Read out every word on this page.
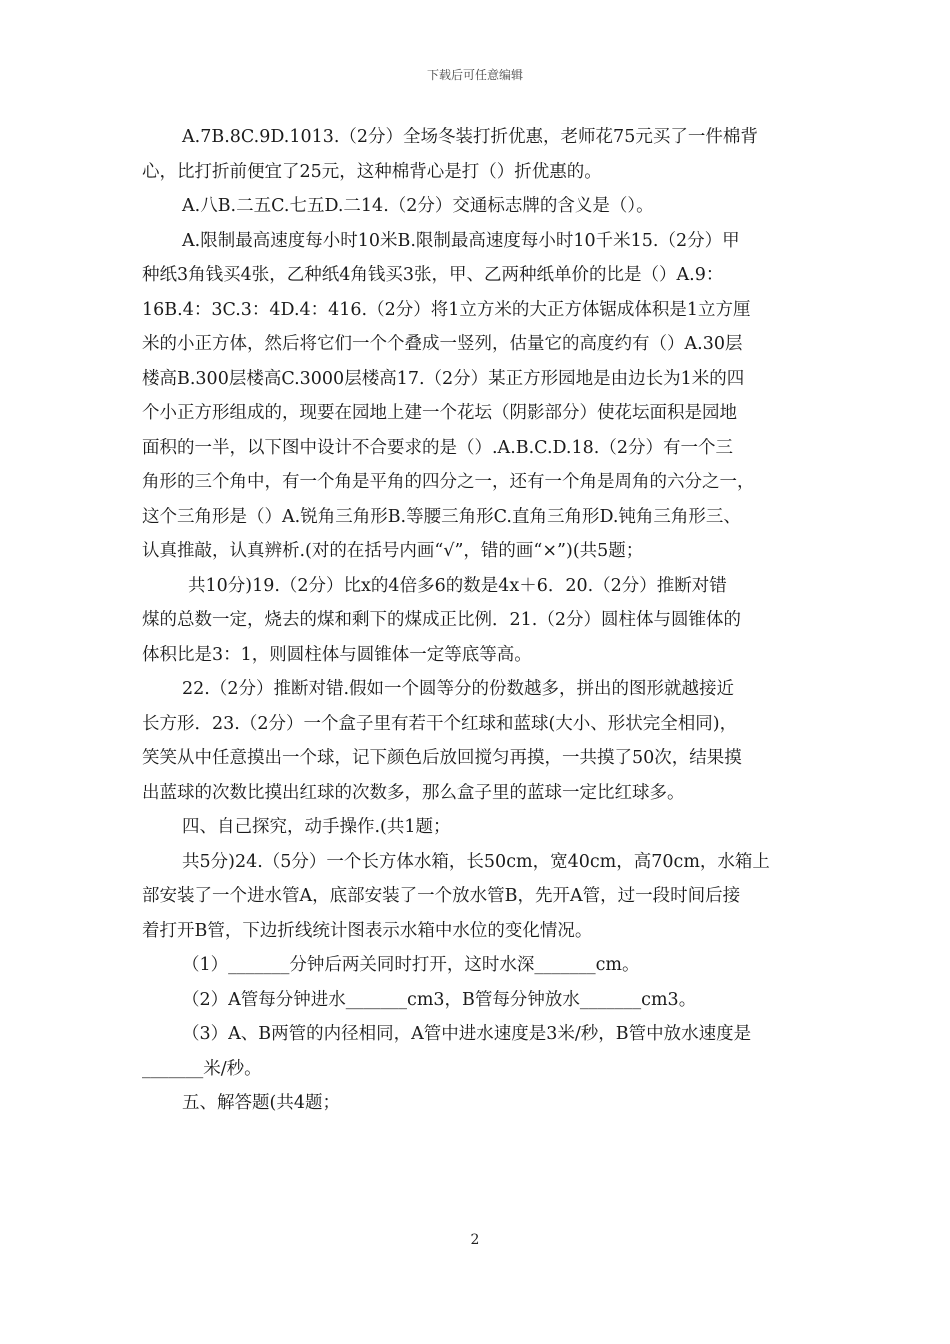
下载后可任意编辑
A.7B.8C.9D.1013.（2分）全场冬装打折优惠，老师花75元买了一件棉背
心，比打折前便宜了25元，这种棉背心是打（）折优惠的。
A.八B.二五C.七五D.二14.（2分）交通标志牌的含义是（）。
A.限制最高速度每小时10米B.限制最高速度每小时10千米15.（2分）甲
种纸3角钱买4张，乙种纸4角钱买3张，甲、乙两种纸单价的比是（）A.9：
16B.4：3C.3：4D.4：416.（2分）将1立方米的大正方体锯成体积是1立方厘
米的小正方体，然后将它们一个个叠成一竖列，估量它的高度约有（）A.30层
楼高B.300层楼高C.3000层楼高17.（2分）某正方形园地是由边长为1米的四
个小正方形组成的，现要在园地上建一个花坛（阴影部分）使花坛面积是园地
面积的一半，以下图中设计不合要求的是（）.A.B.C.D.18.（2分）有一个三
角形的三个角中，有一个角是平角的四分之一，还有一个角是周角的六分之一，
这个三角形是（）A.锐角三角形B.等腰三角形C.直角三角形D.钝角三角形三、
认真推敲，认真辨析.(对的在括号内画“√”，错的画“×”)(共5题；
共10分)19.（2分）比x的4倍多6的数是4x＋6．20.（2分）推断对错
煤的总数一定，烧去的煤和剩下的煤成正比例．21.（2分）圆柱体与圆锥体的
体积比是3：1，则圆柱体与圆锥体一定等底等高。
22.（2分）推断对错.假如一个圆等分的份数越多，拼出的图形就越接近
长方形．23.（2分）一个盒子里有若干个红球和蓝球(大小、形状完全相同)，
笑笑从中任意摸出一个球，记下颜色后放回搅匀再摸，一共摸了50次，结果摸
出蓝球的次数比摸出红球的次数多，那么盒子里的蓝球一定比红球多。
四、自己探究，动手操作.(共1题；
共5分)24.（5分）一个长方体水箱，长50cm，宽40cm，高70cm，水箱上
部安装了一个进水管A，底部安装了一个放水管B，先开A管，过一段时间后接
着打开B管，下边折线统计图表示水箱中水位的变化情况。
（1）_______分钟后两关同时打开，这时水深_______cm。
（2）A管每分钟进水_______cm3，B管每分钟放水_______cm3。
（3）A、B两管的内径相同，A管中进水速度是3米/秒，B管中放水速度是
_______米/秒。
五、解答题(共4题；
2
